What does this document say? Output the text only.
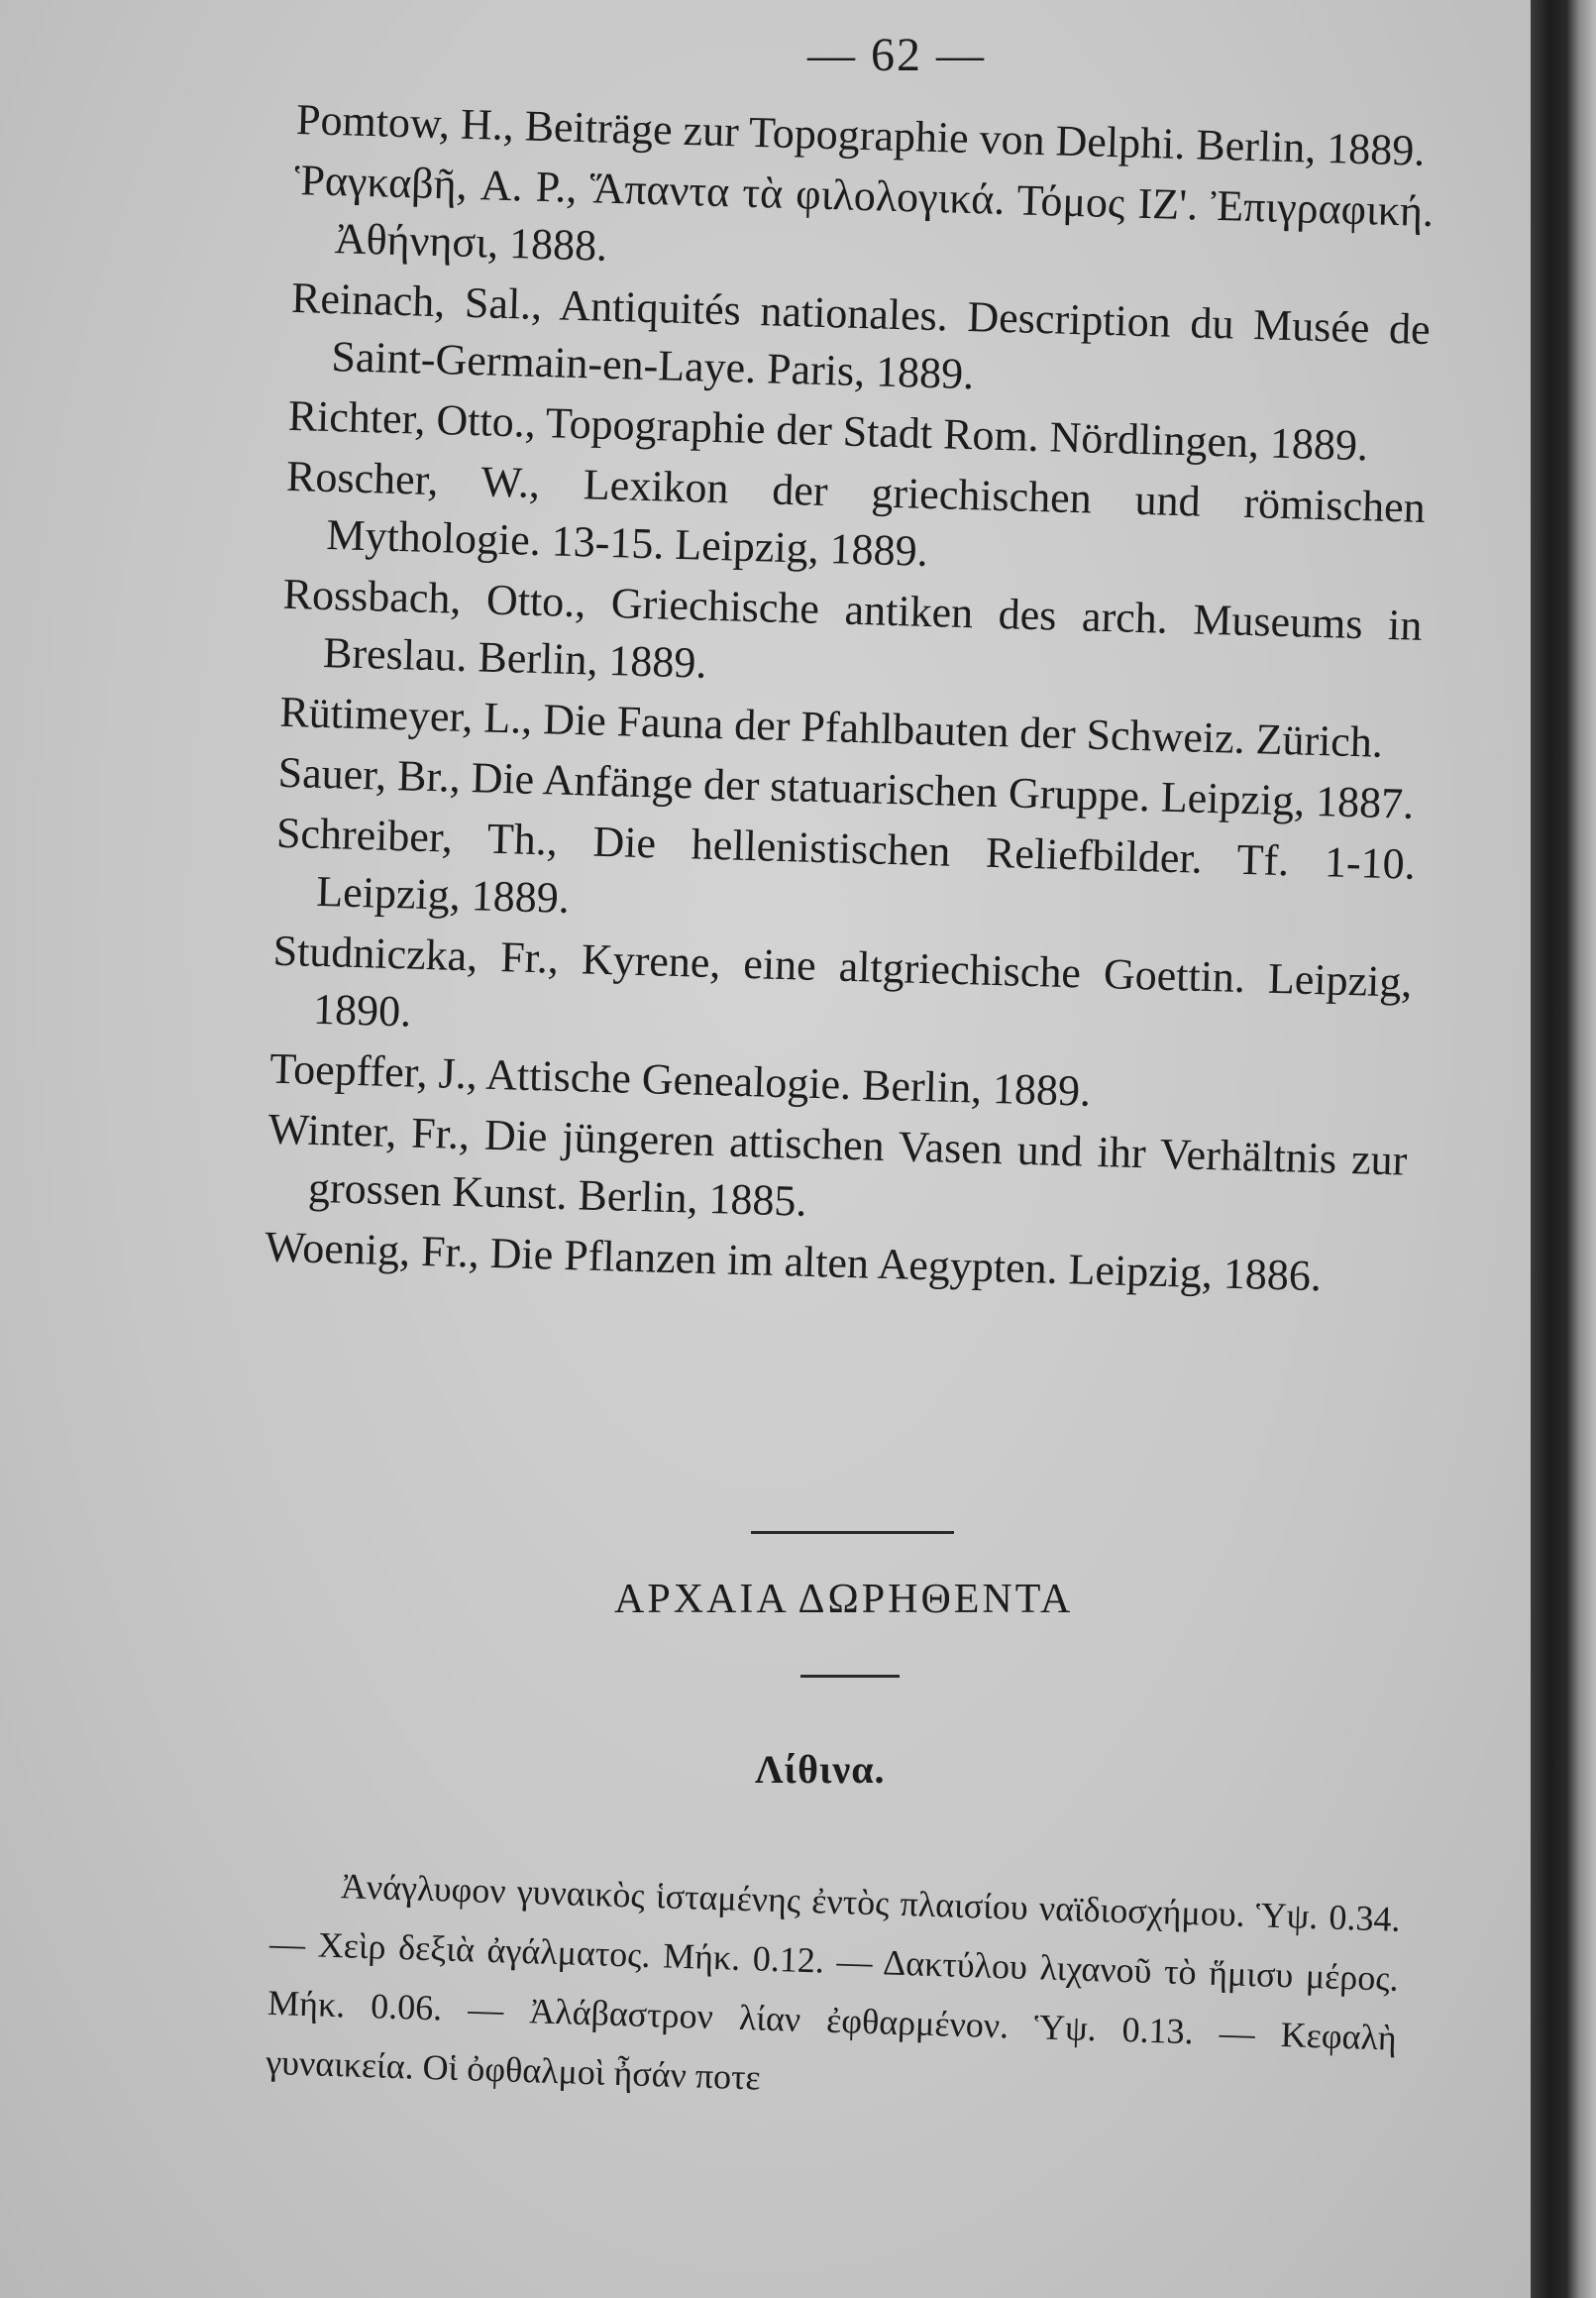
— 62 —

Pomtow, H., Beiträge zur Topographie von Delphi. Berlin, 1889.

Ῥαγκαβῆ, A. P., Ἅπαντα τὰ φιλολογικά. Τόμος ΙΖ'. Ἐπιγραφική. Ἀθήνησι, 1888.

Reinach, Sal., Antiquités nationales. Description du Musée de Saint-Germain-en-Laye. Paris, 1889.

Richter, Otto., Topographie der Stadt Rom. Nördlingen, 1889.

Roscher, W., Lexikon der griechischen und römischen Mythologie. 13-15. Leipzig, 1889.

Rossbach, Otto., Griechische antiken des arch. Museums in Breslau. Berlin, 1889.

Rütimeyer, L., Die Fauna der Pfahlbauten der Schweiz. Zürich.

Sauer, Br., Die Anfänge der statuarischen Gruppe. Leipzig, 1887.

Schreiber, Th., Die hellenistischen Reliefbilder. Tf. 1-10. Leipzig, 1889.

Studniczka, Fr., Kyrene, eine altgriechische Goettin. Leipzig, 1890.

Toepffer, J., Attische Genealogie. Berlin, 1889.

Winter, Fr., Die jüngeren attischen Vasen und ihr Verhältnis zur grossen Kunst. Berlin, 1885.

Woenig, Fr., Die Pflanzen im alten Aegypten. Leipzig, 1886.

ΑΡΧΑΙΑ ΔΩΡΗΘΕΝΤΑ
Λίθινα.

Ἀνάγλυφον γυναικὸς ἱσταμένης ἐντὸς πλαισίου ναϊδιοσχήμου. Ὑψ. 0.34. — Χεὶρ δεξιὰ ἀγάλματος. Μήκ. 0.12. — Δακτύλου λιχανοῦ τὸ ἥμισυ μέρος. Μήκ. 0.06. — Ἀλάβαστρον λίαν ἐφθαρμένον. Ὑψ. 0.13. — Κεφαλὴ γυναικεία. Οἱ ὀφθαλμοὶ ἦσάν ποτε
